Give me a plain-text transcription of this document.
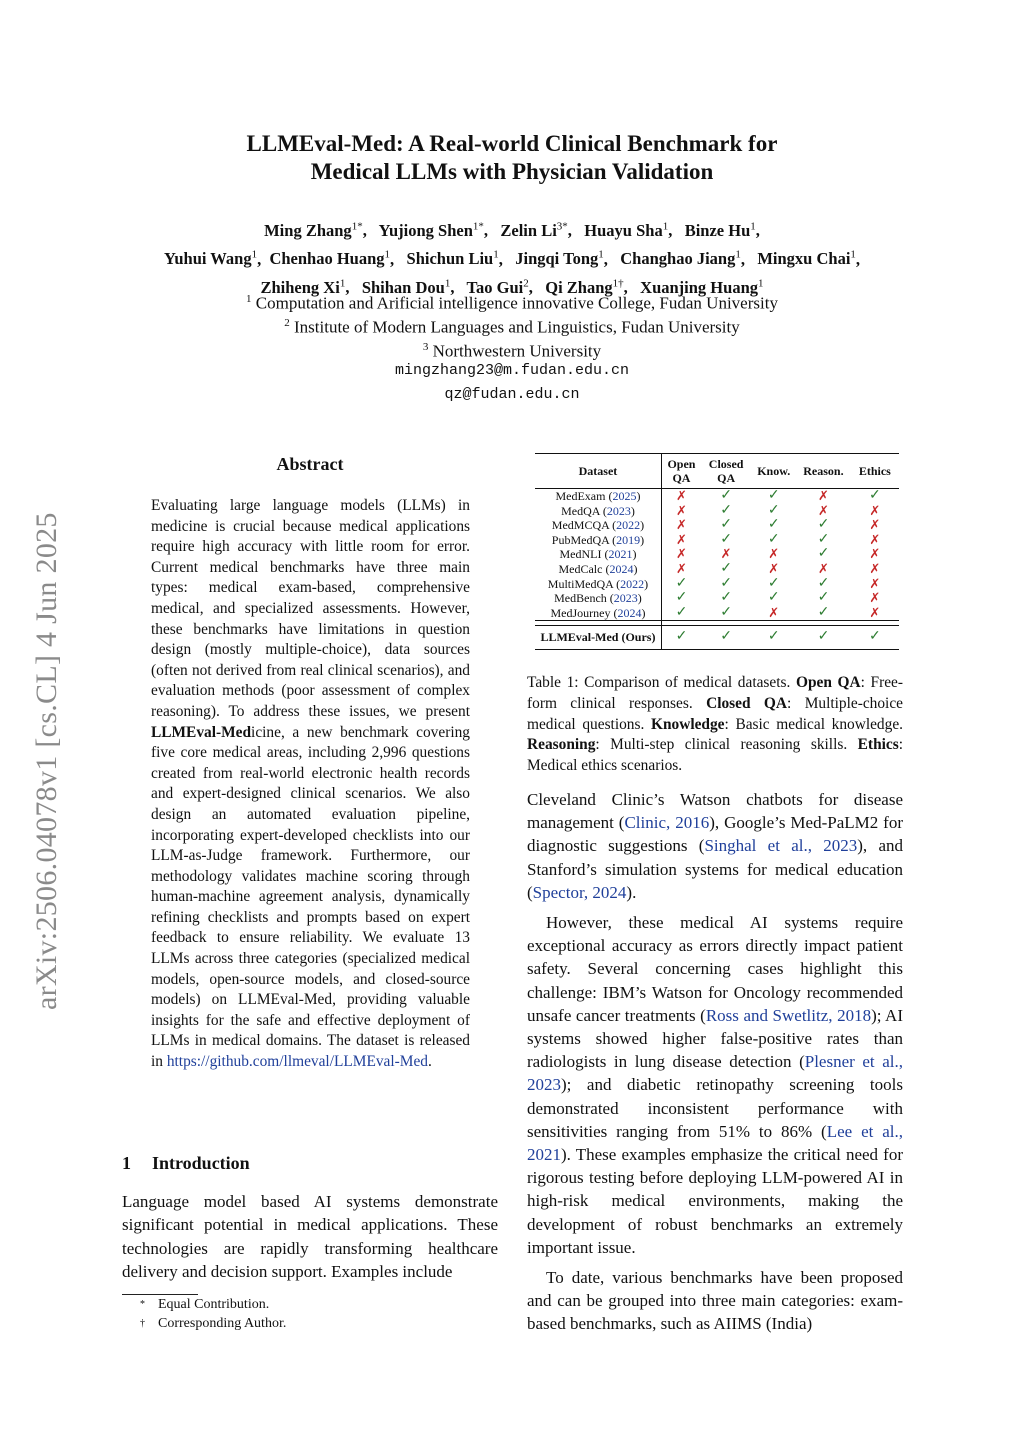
LLMEval-Med: A Real-world Clinical Benchmark for
Medical LLMs with Physician Validation
Ming Zhang$^{1*}$,   Yujiong Shen$^{1*}$,   Zelin $Li^{3*}$,   Huayu Sha$^1$,   Binze Hu$^1$,
Yuhui Wang$^1$,  Chenhao Huang$^1$,   Shichun Liu$^1$,   Jingqi Tong$^1$,   Changhao Jiang$^1$,   Mingxu Chai$^1$,
Zhiheng Xi$^1$,   Shihan Dou$^1$,   Tao Gui$^2$,   Qi Zhang$^{1\dagger}$,   Xuanjing Huang$^1$
$^1$ Computation and Arificial intelligence innovative College, Fudan University
$^2$ Institute of Modern Languages and Linguistics, Fudan University
$^3$ Northwestern University
mingzhang23@m.fudan.edu.cn
qz@fudan.edu.cn
arXiv:2506.04078v1 [cs.CL] 4 Jun 2025
Abstract
Evaluating large language models (LLMs) in medicine is crucial because medical applications require high accuracy with little room for error. Current medical benchmarks have three main types: medical exam-based, comprehensive medical, and specialized assessments. However, these benchmarks have limitations in question design (mostly multiple-choice), data sources (often not derived from real clinical scenarios), and evaluation methods (poor assessment of complex reasoning). To address these issues, we present LLMEval-Medicine, a new benchmark covering five core medical areas, including 2,996 questions created from real-world electronic health records and expert-designed clinical scenarios. We also design an automated evaluation pipeline, incorporating expert-developed checklists into our LLM-as-Judge framework. Furthermore, our methodology validates machine scoring through human-machine agreement analysis, dynamically refining checklists and prompts based on expert feedback to ensure reliability. We evaluate 13 LLMs across three categories (specialized medical models, open-source models, and closed-source models) on LLMEval-Med, providing valuable insights for the safe and effective deployment of LLMs in medical domains. The dataset is released in https://github.com/llmeval/LLMEval-Med.
1 Introduction
Language model based AI systems demonstrate significant potential in medical applications. These technologies are rapidly transforming healthcare delivery and decision support. Examples include
* Equal Contribution.
† Corresponding Author.
Dataset	Open QA	Closed QA	Know.	Reason.	Ethics
MedExam (2025)	✗	✓	✓	✗	✓
MedQA (2023)	✗	✓	✓	✗	✗
MedMCQA (2022)	✗	✓	✓	✓	✗
PubMedQA (2019)	✗	✓	✓	✓	✗
MedNLI (2021)	✗	✗	✗	✓	✗
MedCalc (2024)	✗	✓	✗	✗	✗
MultiMedQA (2022)	✓	✓	✓	✓	✗
MedBench (2023)	✓	✓	✓	✓	✗
MedJourney (2024)	✓	✓	✗	✓	✗

LLMEval-Med (Ours)	✓	✓	✓	✓	✓
Table 1: Comparison of medical datasets. Open QA: Free-form clinical responses. Closed QA: Multiple-choice medical questions. Knowledge: Basic medical knowledge. Reasoning: Multi-step clinical reasoning skills. Ethics: Medical ethics scenarios.

Cleveland Clinic’s Watson chatbots for disease management (Clinic, 2016), Google’s Med-PaLM2 for diagnostic suggestions (Singhal et al., 2023), and Stanford’s simulation systems for medical education (Spector, 2024).

However, these medical AI systems require exceptional accuracy as errors directly impact patient safety. Several concerning cases highlight this challenge: IBM’s Watson for Oncology recommended unsafe cancer treatments (Ross and Swetlitz, 2018); AI systems showed higher false-positive rates than radiologists in lung disease detection (Plesner et al., 2023); and diabetic retinopathy screening tools demonstrated inconsistent performance with sensitivities ranging from 51% to 86% (Lee et al., 2021). These examples emphasize the critical need for rigorous testing before deploying LLM-powered AI in high-risk medical environments, making the development of robust benchmarks an extremely important issue.

To date, various benchmarks have been proposed and can be grouped into three main categories: exam-based benchmarks, such as AIIMS (India)
